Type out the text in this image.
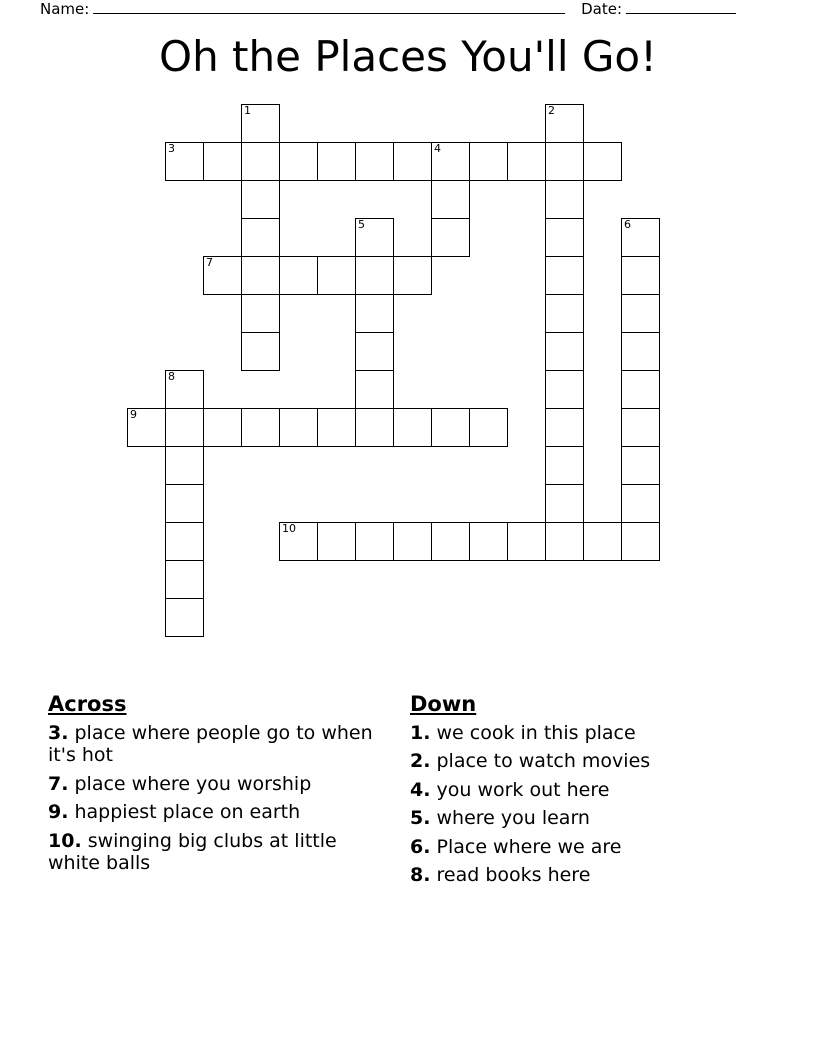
Name:	Date:
Oh the Places You'll Go!
1	2
3	4
5	6
7
8
9
10
Across
3. place where people go to when it's hot
7. place where you worship
9. happiest place on earth
10. swinging big clubs at little white balls
Down
1. we cook in this place
2. place to watch movies
4. you work out here
5. where you learn
6. Place where we are
8. read books here
